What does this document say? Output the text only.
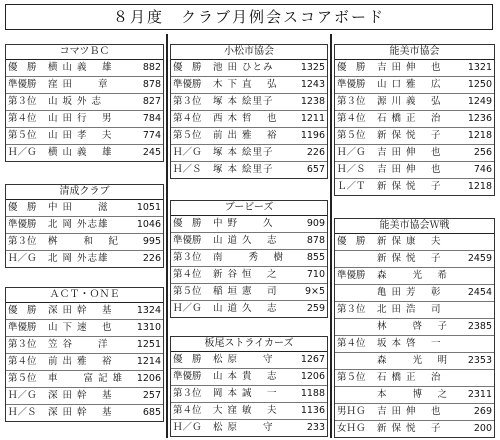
８月度　クラブ月例会スコアボード
コマツＢＣ
優　勝	横 山 義　 雄	882
準優勝	窪 田　　 章	878
第３位	山 坂 外 志	827
第４位	山 田 行　 男	784
第５位	山 田 孝　 夫	774
Ｈ／Ｇ	横 山 義　 雄	245
清成クラブ
優　勝	中 田　　 滋	1051
準優勝	北 岡 外志雄	1046
第３位	桝　　 和　 紀	995
Ｈ／Ｇ	北 岡 外志雄	226
ＡＣＴ・ＯＮＥ
優　勝	深 田 幹　 基	1324
準優勝	山 下 速　 也	1310
第３位	笠 谷　　 洋	1251
第４位	前 出 雅　 裕	1214
第５位	車　　 富 記 雄	1206
Ｈ／Ｇ	深 田 幹　 基	257
Ｈ／Ｓ	深 田 幹　 基	685
小松市協会
優　勝	池 田 ひとみ	1325
準優勝	木 下 直　 弘	1243
第３位	塚 本 絵里子	1238
第４位	西 木 哲　 也	1211
第５位	前 出 雅　 裕	1196
Ｈ／Ｇ	塚 本 絵里子	226
Ｈ／Ｓ	塚 本 絵里子	657
ブービーズ
優　勝	中 野　　 久	909
準優勝	山 道 久　 志	878
第３位	南　　 秀　 樹	855
第４位	新 谷 恒　 之	710
第５位	稲 垣 憲　 司	9×5
Ｈ／Ｇ	山 道 久　 志	259
板尾ストライカーズ
優　勝	松 原　　 守	1267
準優勝	山 本 貴　 志	1206
第３位	岡 本 誠　 一	1188
第４位	大 窪 敏　 夫	1136
Ｈ／Ｇ	松 原　　 守	233
能美市協会
優　勝	吉 田 伸　 也	1321
準優勝	山 口 雅　 広	1250
第３位	源 川 義　 弘	1249
第４位	石 橋 正　 治	1236
第５位	新 保 悦　 子	1218
Ｈ／Ｇ	吉 田 伸　 也	256
Ｈ／Ｓ	吉 田 伸　 也	746
Ｌ／Ｔ	新 保 悦　 子	1218
能美市協会Ｗ戦
優　勝	新 保 康　 夫	
	新 保 悦　 子	2459
準優勝	森　　 光　 希	
	亀 田 芳　 彰	2454
第３位	北 田 浩　 司	
	林　　 啓　 子	2385
第４位	坂 本 啓　 一	
	森　　 光　 明	2353
第５位	石 橋 正　 治	
	本　　 博　 之	2311
男ＨＧ	吉 田 伸　 也	269
女ＨＧ	新 保 悦　 子	200
